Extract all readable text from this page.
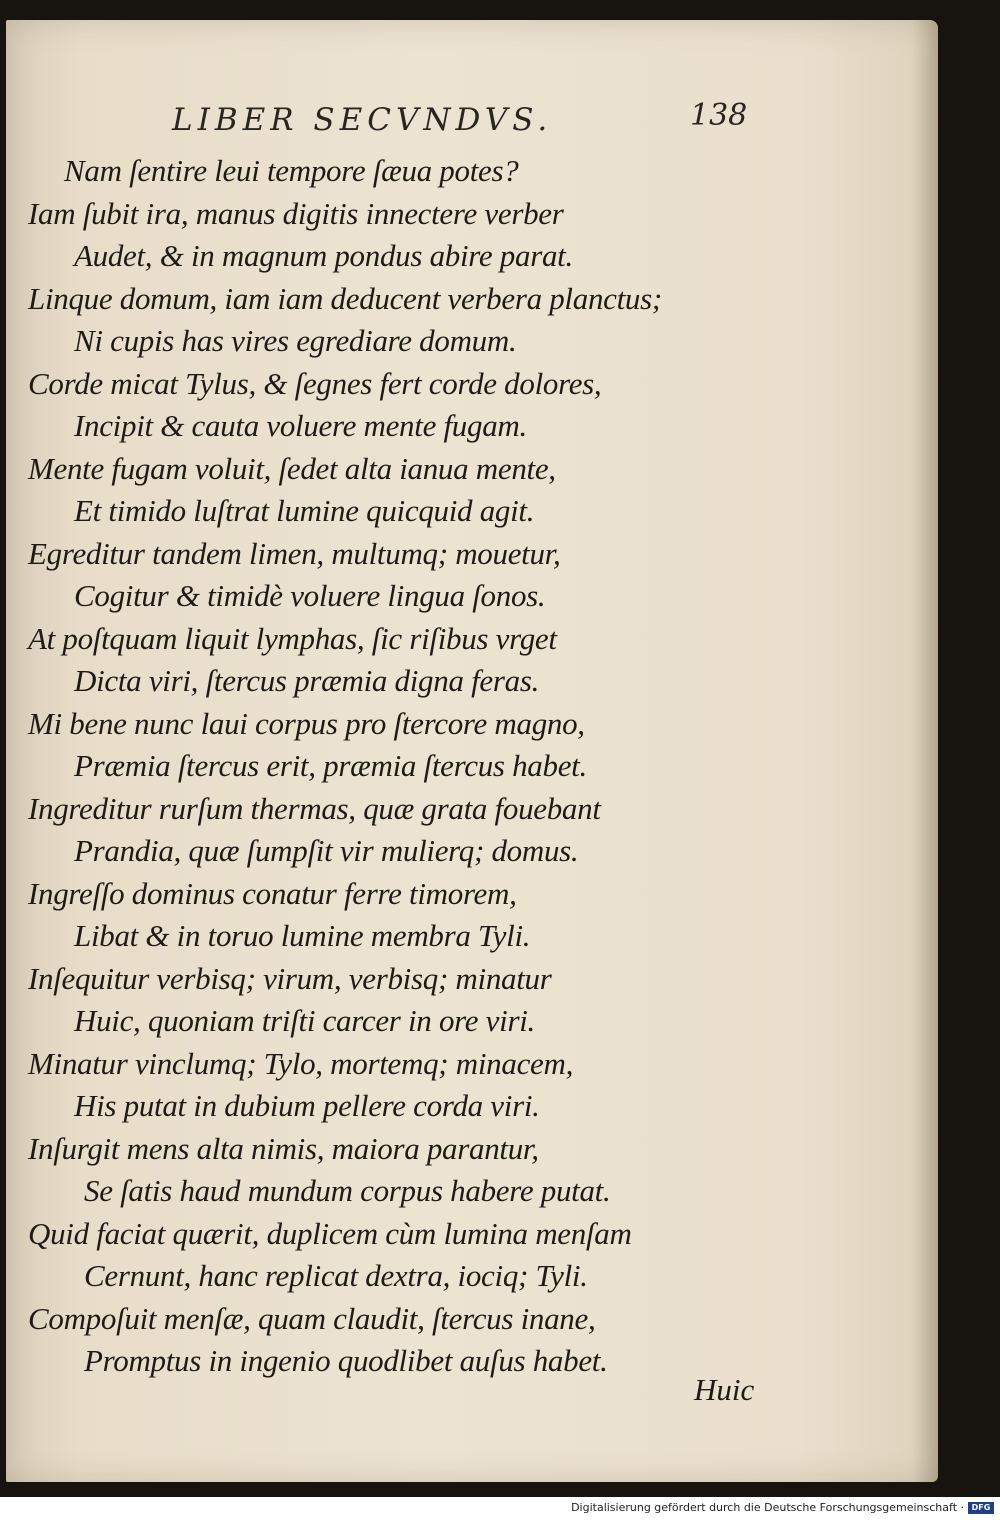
LIBER SECVNDVS.	138
Nam ſentire leui tempore ſæua potes?
Iam ſubit ira, manus digitis innectere verber
Audet, & in magnum pondus abire parat.
Linque domum, iam iam deducent verbera planctus;
Ni cupis has vires egrediare domum.
Corde micat Tylus, & ſegnes fert corde dolores,
Incipit & cauta voluere mente fugam.
Mente fugam voluit, ſedet alta ianua mente,
Et timido luſtrat lumine quicquid agit.
Egreditur tandem limen, multumq; mouetur,
Cogitur & timidè voluere lingua ſonos.
At poſtquam liquit lymphas, ſic riſibus vrget
Dicta viri, ſtercus præmia digna feras.
Mi bene nunc laui corpus pro ſtercore magno,
Præmia ſtercus erit, præmia ſtercus habet.
Ingreditur rurſum thermas, quæ grata fouebant
Prandia, quæ ſumpſit vir mulierq; domus.
Ingreſſo dominus conatur ferre timorem,
Libat & in toruo lumine membra Tyli.
Inſequitur verbisq; virum, verbisq; minatur
Huic, quoniam triſti carcer in ore viri.
Minatur vinclumq; Tylo, mortemq; minacem,
His putat in dubium pellere corda viri.
Inſurgit mens alta nimis, maiora parantur,
Se ſatis haud mundum corpus habere putat.
Quid faciat quærit, duplicem cùm lumina menſam
Cernunt, hanc replicat dextra, iociq; Tyli.
Compoſuit menſæ, quam claudit, ſtercus inane,
Promptus in ingenio quodlibet auſus habet.
Huic
Digitalisierung gefördert durch die Deutsche Forschungsgemeinschaft · DFG
